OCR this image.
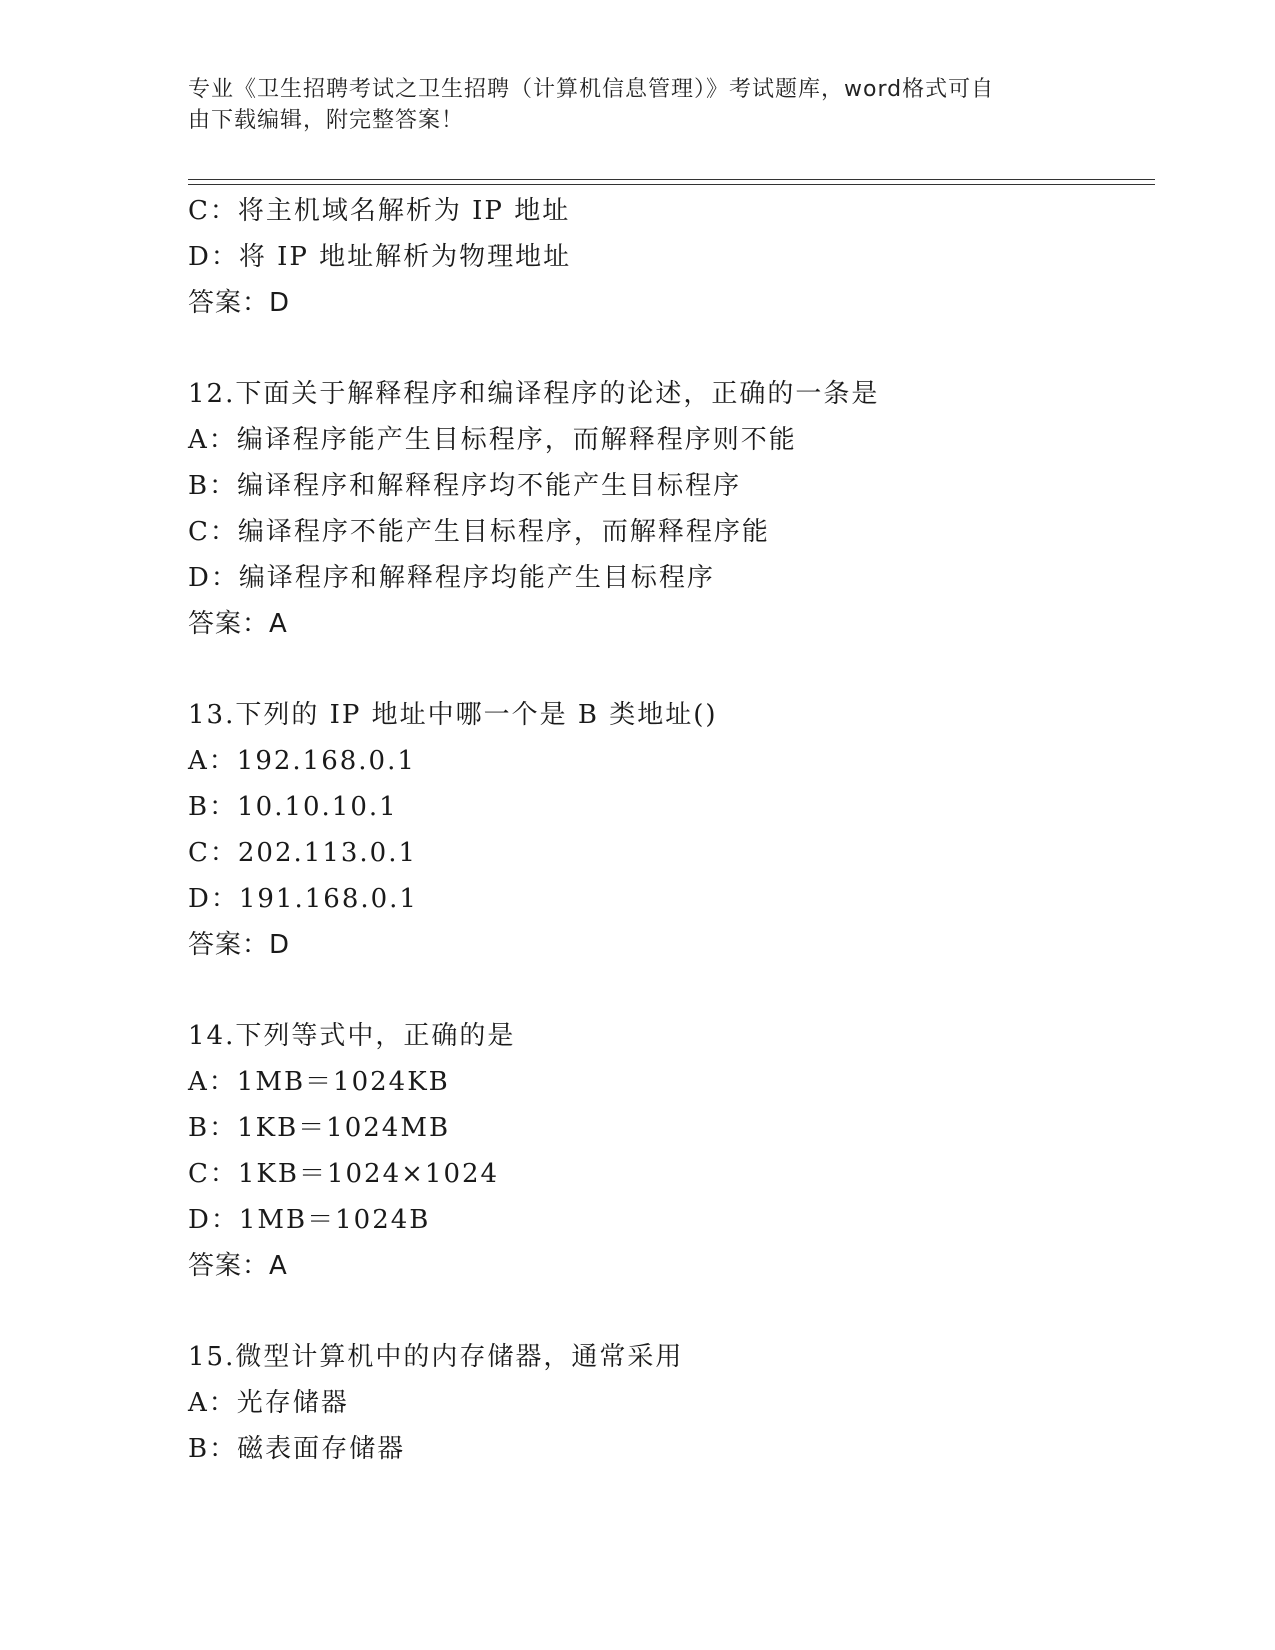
专业《卫生招聘考试之卫生招聘（计算机信息管理）》考试题库，word格式可自
由下载编辑，附完整答案！
C：将主机域名解析为 IP 地址
D：将 IP 地址解析为物理地址
答案：D
12.下面关于解释程序和编译程序的论述，正确的一条是
A：编译程序能产生目标程序，而解释程序则不能
B：编译程序和解释程序均不能产生目标程序
C：编译程序不能产生目标程序，而解释程序能
D：编译程序和解释程序均能产生目标程序
答案：A
13.下列的 IP 地址中哪一个是 B 类地址()
A：192.168.0.1
B：10.10.10.1
C：202.113.0.1
D：191.168.0.1
答案：D
14.下列等式中，正确的是
A：1MB＝1024KB
B：1KB＝1024MB
C：1KB＝1024×1024
D：1MB＝1024B
答案：A
15.微型计算机中的内存储器，通常采用
A：光存储器
B：磁表面存储器
